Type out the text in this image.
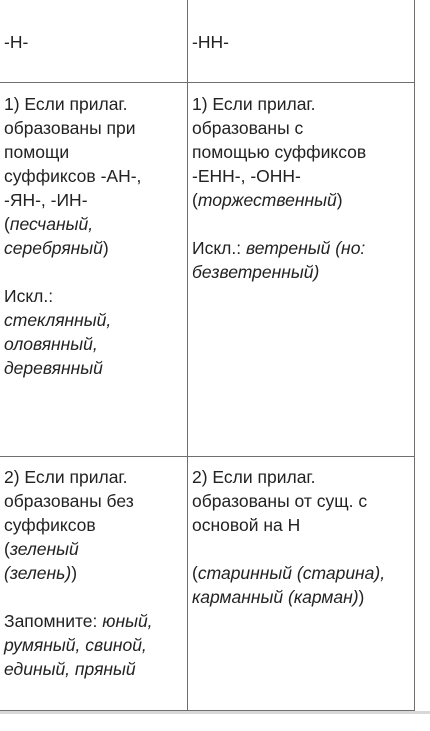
-Н-	-НН-
1) Если прилаг.
образованы при
помощи
суффиксов -АН-,
-ЯН-, -ИН-
(песчаный,
серебряный)
Искл.:
стеклянный,
оловянный,
деревянный
1) Если прилаг.
образованы с
помощью суффиксов
-ЕНН-, -ОНН-
(торжественный)
Искл.: ветреный (но:
безветренный)
2) Если прилаг.
образованы без
суффиксов
(зеленый
(зелень))
Запомните: юный,
румяный, свиной,
единый, пряный
2) Если прилаг.
образованы от сущ. с
основой на Н
(старинный (старина),
карманный (карман))
